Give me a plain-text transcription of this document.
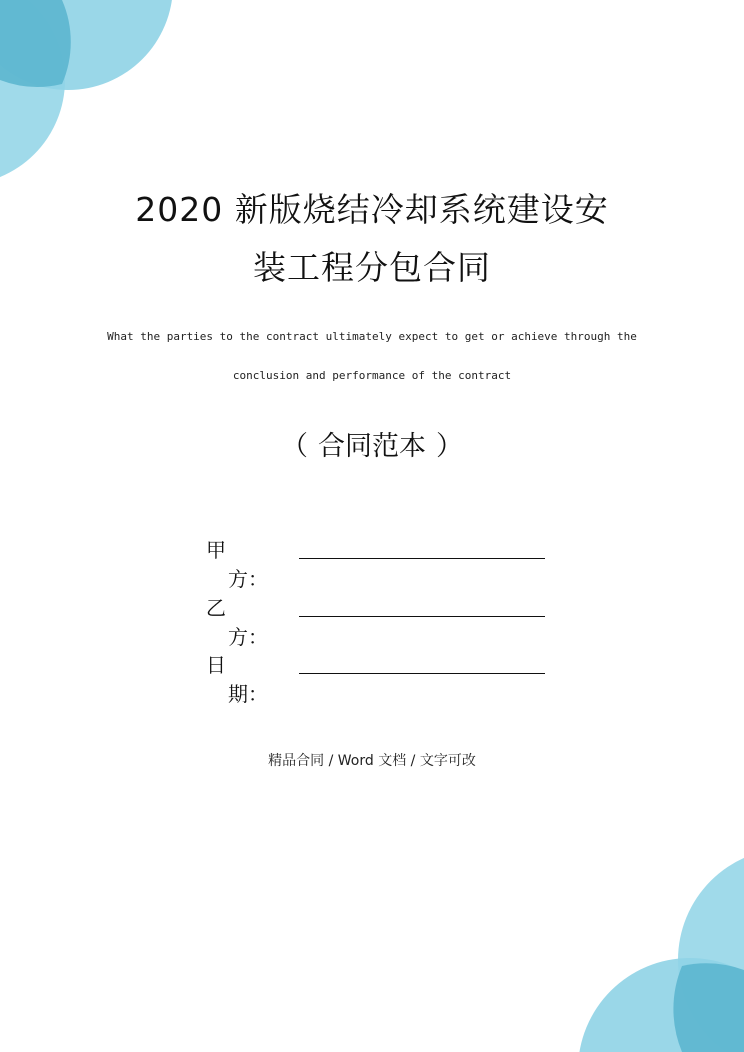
2020 新版烧结冷却系统建设安
装工程分包合同
What the parties to the contract ultimately expect to get or achieve through the
conclusion and performance of the contract
（ 合同范本 ）
甲方：
乙方：
日期：
精品合同 / Word 文档 / 文字可改
